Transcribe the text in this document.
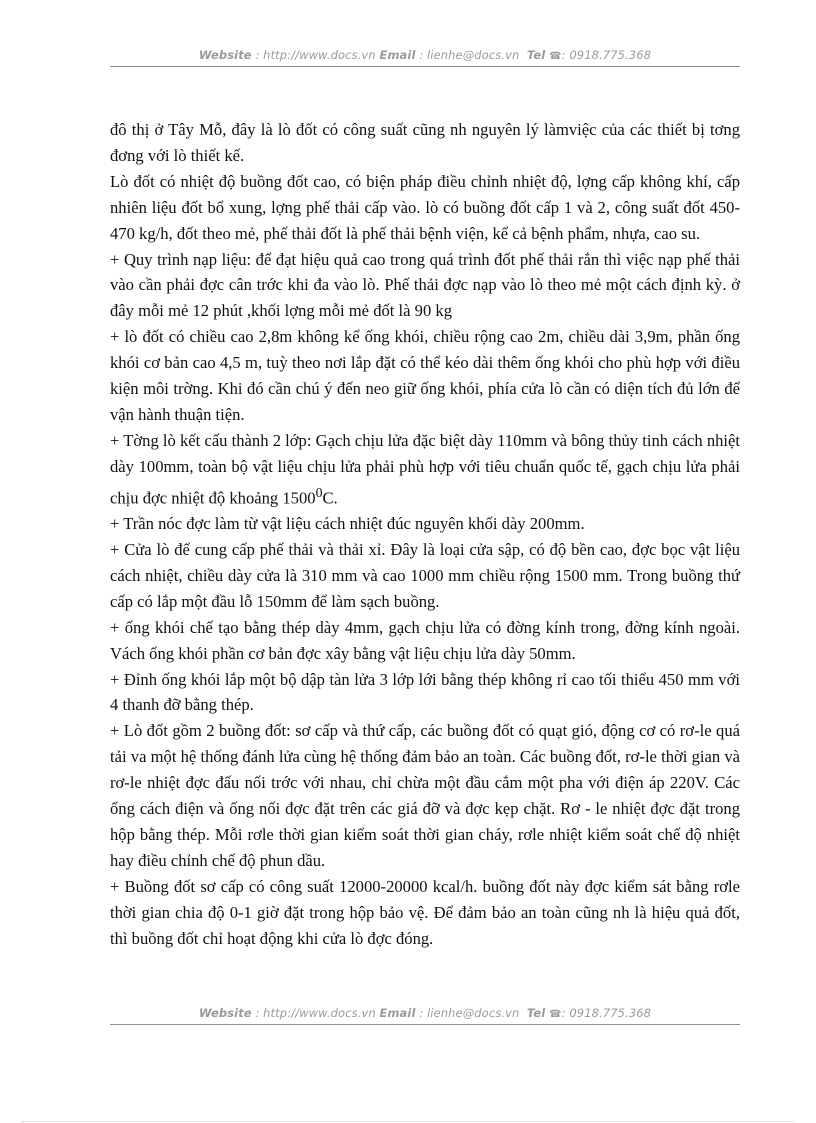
Website : http://www.docs.vn Email : lienhe@docs.vn  Tel ☎: 0918.775.368

đô thị ở Tây Mỗ, đây là lò đốt có công suất cũng nh nguyên lý làmviệc của các thiết bị tơng đơng với lò thiết kế.

Lò đốt có nhiệt độ buồng đốt cao, có biện pháp điều chỉnh nhiệt độ, lợng cấp không khí, cấp nhiên liệu đốt bổ xung, lợng phế thải cấp vào. lò có buồng đốt cấp 1 và 2, công suất đốt 450- 470 kg/h, đốt theo mẻ, phế thải đốt là phế thải bệnh viện, kể cả bệnh phẩm, nhựa, cao su.

+ Quy trình nạp liệu: để đạt hiệu quả cao trong quá trình đốt phế thải rắn thì việc nạp phế thải vào cần phải đợc cân trớc khi đa vào lò. Phế thải đợc nạp vào lò theo mẻ một cách định kỳ. ở đây mỗi mẻ 12 phút ,khối lợng mỗi mẻ đốt là 90 kg

+ lò đốt có chiều cao 2,8m không kể ống khói, chiều rộng cao 2m, chiều dài 3,9m, phần ống khói cơ bản cao 4,5 m, tuỳ theo nơi lắp đặt có thể kéo dài thêm ống khói cho phù hợp với điều kiện môi trờng. Khi đó cần chú ý đến neo giữ ống khói, phía cửa lò cần có diện tích đủ lớn để vận hành thuận tiện.

+ Tờng lò kết cấu thành 2 lớp: Gạch chịu lửa đặc biệt dày 110mm và bông thủy tinh cách nhiệt dày 100mm, toàn bộ vật liệu chịu lửa phải phù hợp với tiêu chuẩn quốc tế, gạch chịu lửa phải chịu đợc nhiệt độ khoảng 1500$^0$C.

+ Trần nóc đợc làm từ vật liệu cách nhiệt đúc nguyên khối dày 200mm.

+ Cửa lò để cung cấp phế thải và thải xỉ. Đây là loại cửa sập, có độ bền cao, đợc bọc vật liệu cách nhiệt, chiều dày cửa là 310 mm và cao 1000 mm chiều rộng 1500 mm. Trong buồng thứ cấp có lắp một đầu lỗ 150mm để làm sạch buồng.

+ ống khói chế tạo bằng thép dày 4mm, gạch chịu lửa có đờng kính trong, đờng kính ngoài. Vách ống khói phần cơ bản đợc xây bằng vật liệu chịu lửa dày 50mm.

+ Đỉnh ống khói lắp một bộ dập tàn lửa 3 lớp lới bằng thép không rỉ cao tối thiểu 450 mm với 4 thanh đỡ bằng thép.

+ Lò đốt gồm 2 buồng đốt: sơ cấp và thứ cấp, các buồng đốt có quạt gió, động cơ có rơ-le quá tải va một hệ thống đánh lửa cùng hệ thống đảm bảo an toàn. Các buồng đốt, rơ-le thời gian và rơ-le nhiệt đợc đấu nối trớc với nhau, chỉ chừa một đầu cắm một pha với điện áp 220V. Các ống cách điện và ống nối đợc đặt trên các giá đỡ và đợc kẹp chặt. Rơ - le nhiệt đợc đặt trong hộp bằng thép. Mỗi rơle thời gian kiểm soát thời gian cháy, rơle nhiệt kiểm soát chế độ nhiệt hay điều chỉnh chế độ phun dầu.

+ Buồng đốt sơ cấp có công suất 12000-20000 kcal/h. buồng đốt này đợc kiểm sát bằng rơle thời gian chia độ 0-1 giờ đặt trong hộp bảo vệ. Để đảm bảo an toàn cũng nh là hiệu quả đốt, thì buồng đốt chỉ hoạt động khi cửa lò đợc đóng.

Website : http://www.docs.vn Email : lienhe@docs.vn  Tel ☎: 0918.775.368
